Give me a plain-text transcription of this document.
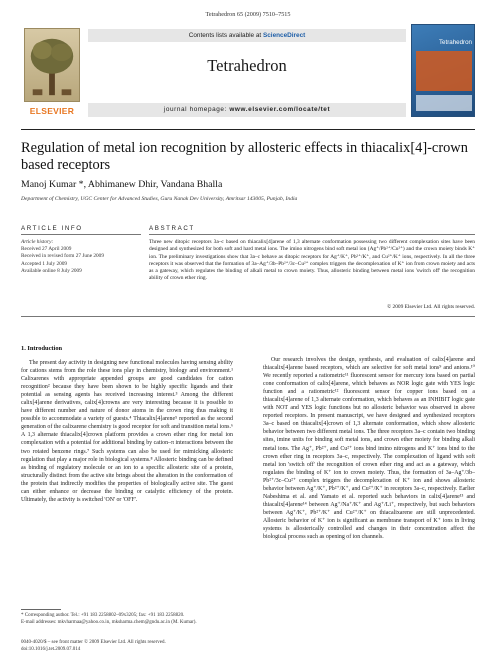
Tetrahedron 65 (2009) 7510–7515
ELSEVIER
Contents lists available at ScienceDirect
Tetrahedron
journal homepage: www.elsevier.com/locate/tet
Tetrahedron
Regulation of metal ion recognition by allosteric effects in thiacalix[4]-crown based receptors
Manoj Kumar *, Abhimanew Dhir, Vandana Bhalla
Department of Chemistry, UGC Center for Advanced Studies, Guru Nanak Dev University, Amritsar 143005, Punjab, India
ARTICLE INFO	ABSTRACT
Article history:
Received 27 April 2009
Received in revised form 27 June 2009
Accepted 1 July 2009
Available online 8 July 2009
Three new ditopic receptors 3a–c based on thiacalix[4]arene of 1,3 alternate conformation possessing two different complexation sites have been designed and synthesized for both soft and hard metal ions. The imino nitrogens bind soft metal ion (Ag⁺/Pb²⁺/Cu²⁺) and the crown moiety binds K⁺ ion. The preliminary investigations show that 3a–c behave as ditopic receptors for Ag⁺/K⁺, Pb²⁺/K⁺, and Cu²⁺/K⁺ ions, respectively. In all the three receptors it was observed that the formation of 3a–Ag⁺/3b–Pb²⁺/3c–Cu²⁺ complex triggers the decomplexation of K⁺ ion from crown moiety and acts as a gateway, which regulates the binding of alkali metal to crown moiety. Thus, allosteric binding between metal ions 'switch off' the recognition ability of crown ether ring.
© 2009 Elsevier Ltd. All rights reserved.
1. Introduction
The present day activity in designing new functional molecules having sensing ability for cations stems from the role these ions play in chemistry, biology and environment.¹ Calixarenes with appropriate appended groups are good candidates for cation recognition² because they have been shown to be highly specific ligands and their potential as sensing agents has received increasing interest.³ Among the different calix[4]arene derivatives, calix[4]crowns are very interesting because it is possible to have different number and nature of donor atoms in the crown ring thus making it possible to accommodate a variety of guests.⁴ Thiacalix[4]arene⁵ reported as the second generation of the calixarene chemistry is good receptor for soft and transition metal ions.⁶ A 1,3 alternate thiacalix[4]crown platform provides a crown ether ring for metal ion complexation with a potential for additional binding by cation–π interactions between the two rotated benzene rings.⁷ Such systems can also be used for mimicking allosteric regulation that play a major role in biological systems.⁸ Allosteric binding can be defined as binding of regulatory molecule or an ion to a specific allosteric site of a protein, structurally distinct from the active site brings about the alteration in the conformation of the protein that indirectly modifies the properties of biologically active site. The guest can either enhance or decrease the binding or catalytic efficiency of the protein. Ultimately, the activity is switched 'ON' or 'OFF'.
Our research involves the design, synthesis, and evaluation of calix[4]arene and thiacalix[4]arene based receptors, which are selective for soft metal ions⁹ and anions.¹⁰ We recently reported a ratiometric¹¹ fluorescent sensor for mercury ions based on partial cone conformation of calix[4]arene, which behaves as NOR logic gate with YES logic function and a ratiometric¹² fluorescent sensor for copper ions based on a thiacalix[4]arene of 1,3 alternate conformation, which behaves as an INHIBIT logic gate with NOT and YES logic functions but no allosteric behavior was observed in above reported receptors. In present manuscript, we have designed and synthesized receptors 3a–c based on thiacalix[4]crown of 1,3 alternate conformation, which show allosteric behavior between two different metal ions. The three receptors 3a–c contain two binding sites, imine units for binding soft metal ions, and crown ether moiety for binding alkali metal ions. The Ag⁺, Pb²⁺, and Cu²⁺ ions bind imino nitrogens and K⁺ ions bind to the crown ether ring in receptors 3a–c, respectively. The complexation of ligand with soft metal ion 'switch off' the recognition of crown ether ring and act as a gateway, which regulates the binding of K⁺ ion to crown moiety. Thus, the formation of 3a–Ag⁺/3b–Pb²⁺/3c–Cu²⁺ complex triggers the decomplexation of K⁺ ion and shows allosteric behavior between Ag⁺/K⁺, Pb²⁺/K⁺, and Cu²⁺/K⁺ in receptors 3a–c, respectively. Earlier Nabeshima et al. and Yamato et al. reported such behaviors in calix[4]arene¹³ and thiacalix[4]arene¹⁴ between Ag⁺/Na⁺/K⁺ and Ag⁺/Li⁺, respectively, but such behaviors between Ag⁺/K⁺, Pb²⁺/K⁺ and Cu²⁺/K⁺ on thiacalixarene are still unprecedented. Allosteric behavior of K⁺ ion is significant as membrane transport of K⁺ ions in living systems is allosterically controlled and changes in their concentration affect the biological process such as opening of ion channels.
* Corresponding author. Tel.: +91 183 2258802–09x3205; fax: +91 183 2258820.
E-mail addresses: mkvharmaa@yahoo.co.in, mksharma.chem@gndu.ac.in (M. Kumar).
0040-4020/$ – see front matter © 2009 Elsevier Ltd. All rights reserved.
doi:10.1016/j.tet.2009.07.014
